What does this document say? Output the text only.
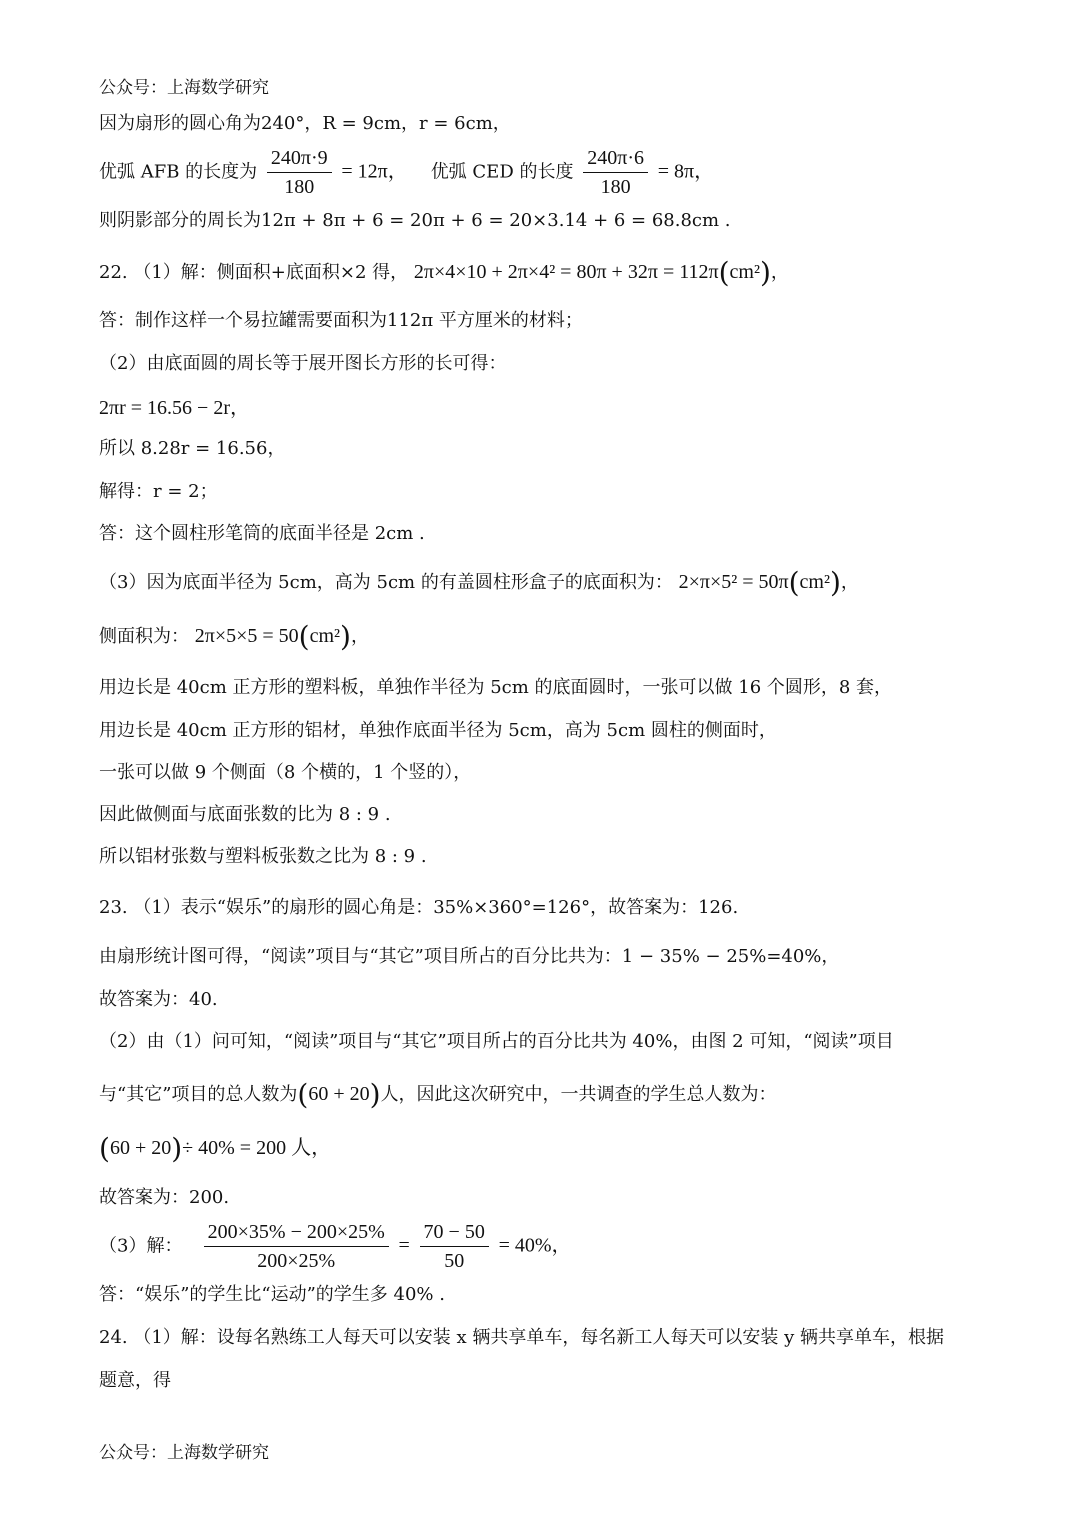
公众号：上海数学研究
因为扇形的圆心角为240°，R = 9cm，r = 6cm，
优弧 AFB 的长度为 $\frac{240\pi\cdot 9}{180} = 12\pi$， 优弧 CED 的长度 $\frac{240\pi\cdot 6}{180} = 8\pi$，
则阴影部分的周长为12π + 8π + 6 = 20π + 6 = 20×3.14 + 6 = 68.8cm .
22. （1）解：侧面积+底面积×2 得， 2π×4×10 + 2π×4² = 80π + 32π = 112π(cm²)，
答：制作这样一个易拉罐需要面积为112π 平方厘米的材料；
（2）由底面圆的周长等于展开图长方形的长可得：
2πr = 16.56 − 2r，
所以 8.28r = 16.56，
解得：r = 2；
答：这个圆柱形笔筒的底面半径是 2cm .
（3）因为底面半径为 5cm，高为 5cm 的有盖圆柱形盒子的底面积为： 2×π×5² = 50π(cm²)，
侧面积为： 2π×5×5 = 50(cm²)，
用边长是 40cm 正方形的塑料板，单独作半径为 5cm 的底面圆时，一张可以做 16 个圆形，8 套，
用边长是 40cm 正方形的铝材，单独作底面半径为 5cm，高为 5cm 圆柱的侧面时，
一张可以做 9 个侧面（8 个横的，1 个竖的），
因此做侧面与底面张数的比为 8 : 9 .
所以铝材张数与塑料板张数之比为 8 : 9 .
23. （1）表示“娱乐”的扇形的圆心角是：35%×360°=126°，故答案为：126.
由扇形统计图可得，“阅读”项目与“其它”项目所占的百分比共为：1 − 35% − 25%=40%，
故答案为：40.
（2）由（1）问可知，“阅读”项目与“其它”项目所占的百分比共为 40%，由图 2 可知，“阅读”项目
与“其它”项目的总人数为(60 + 20)人，因此这次研究中，一共调查的学生总人数为：
(60 + 20)÷ 40% = 200 人，
故答案为：200.
（3）解： $\frac{200\times 35\% - 200\times 25\%}{200\times 25\%} = \frac{70 - 50}{50} = 40\%$，
答：“娱乐”的学生比“运动”的学生多 40% .
24. （1）解：设每名熟练工人每天可以安装 x 辆共享单车，每名新工人每天可以安装 y 辆共享单车，根据
题意，得
公众号：上海数学研究
